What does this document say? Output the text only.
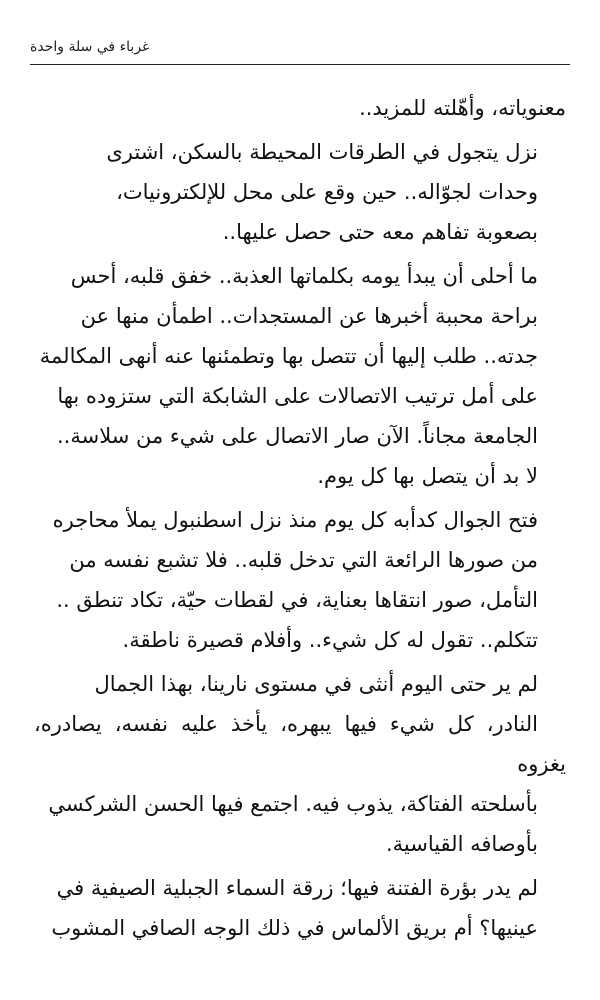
غرباء في سلة واحدة

معنوياته، وأهّلته للمزيد..

نزل يتجول في الطرقات المحيطة بالسكن، اشترى
وحدات لجوّاله.. حين وقع على محل للإلكترونيات،
بصعوبة تفاهم معه حتى حصل عليها..

ما أحلى أن يبدأ يومه بكلماتها العذبة.. خفق قلبه، أحس
براحة محببة أخبرها عن المستجدات.. اطمأن منها عن
جدته.. طلب إليها أن تتصل بها وتطمئنها عنه أنهى المكالمة
على أمل ترتيب الاتصالات على الشابكة التي ستزوده بها
الجامعة مجاناً. الآن صار الاتصال على شيء من سلاسة..
لا بد أن يتصل بها كل يوم.

فتح الجوال كدأبه كل يوم منذ نزل اسطنبول يملأ محاجره
من صورها الرائعة التي تدخل قلبه.. فلا تشبع نفسه من
التأمل، صور انتقاها بعناية، في لقطات حيّة، تكاد تنطق ..
تتكلم.. تقول له كل شيء.. وأفلام قصيرة ناطقة.

لم ير حتى اليوم أنثى في مستوى نارينا، بهذا الجمال
النادر، كل شيء فيها يبهره، يأخذ عليه نفسه، يصادره، يغزوه
بأسلحته الفتاكة، يذوب فيه. اجتمع فيها الحسن الشركسي
بأوصافه القياسية.

لم يدر بؤرة الفتنة فيها؛ زرقة السماء الجبلية الصيفية في
عينيها؟ أم بريق الألماس في ذلك الوجه الصافي المشوب
